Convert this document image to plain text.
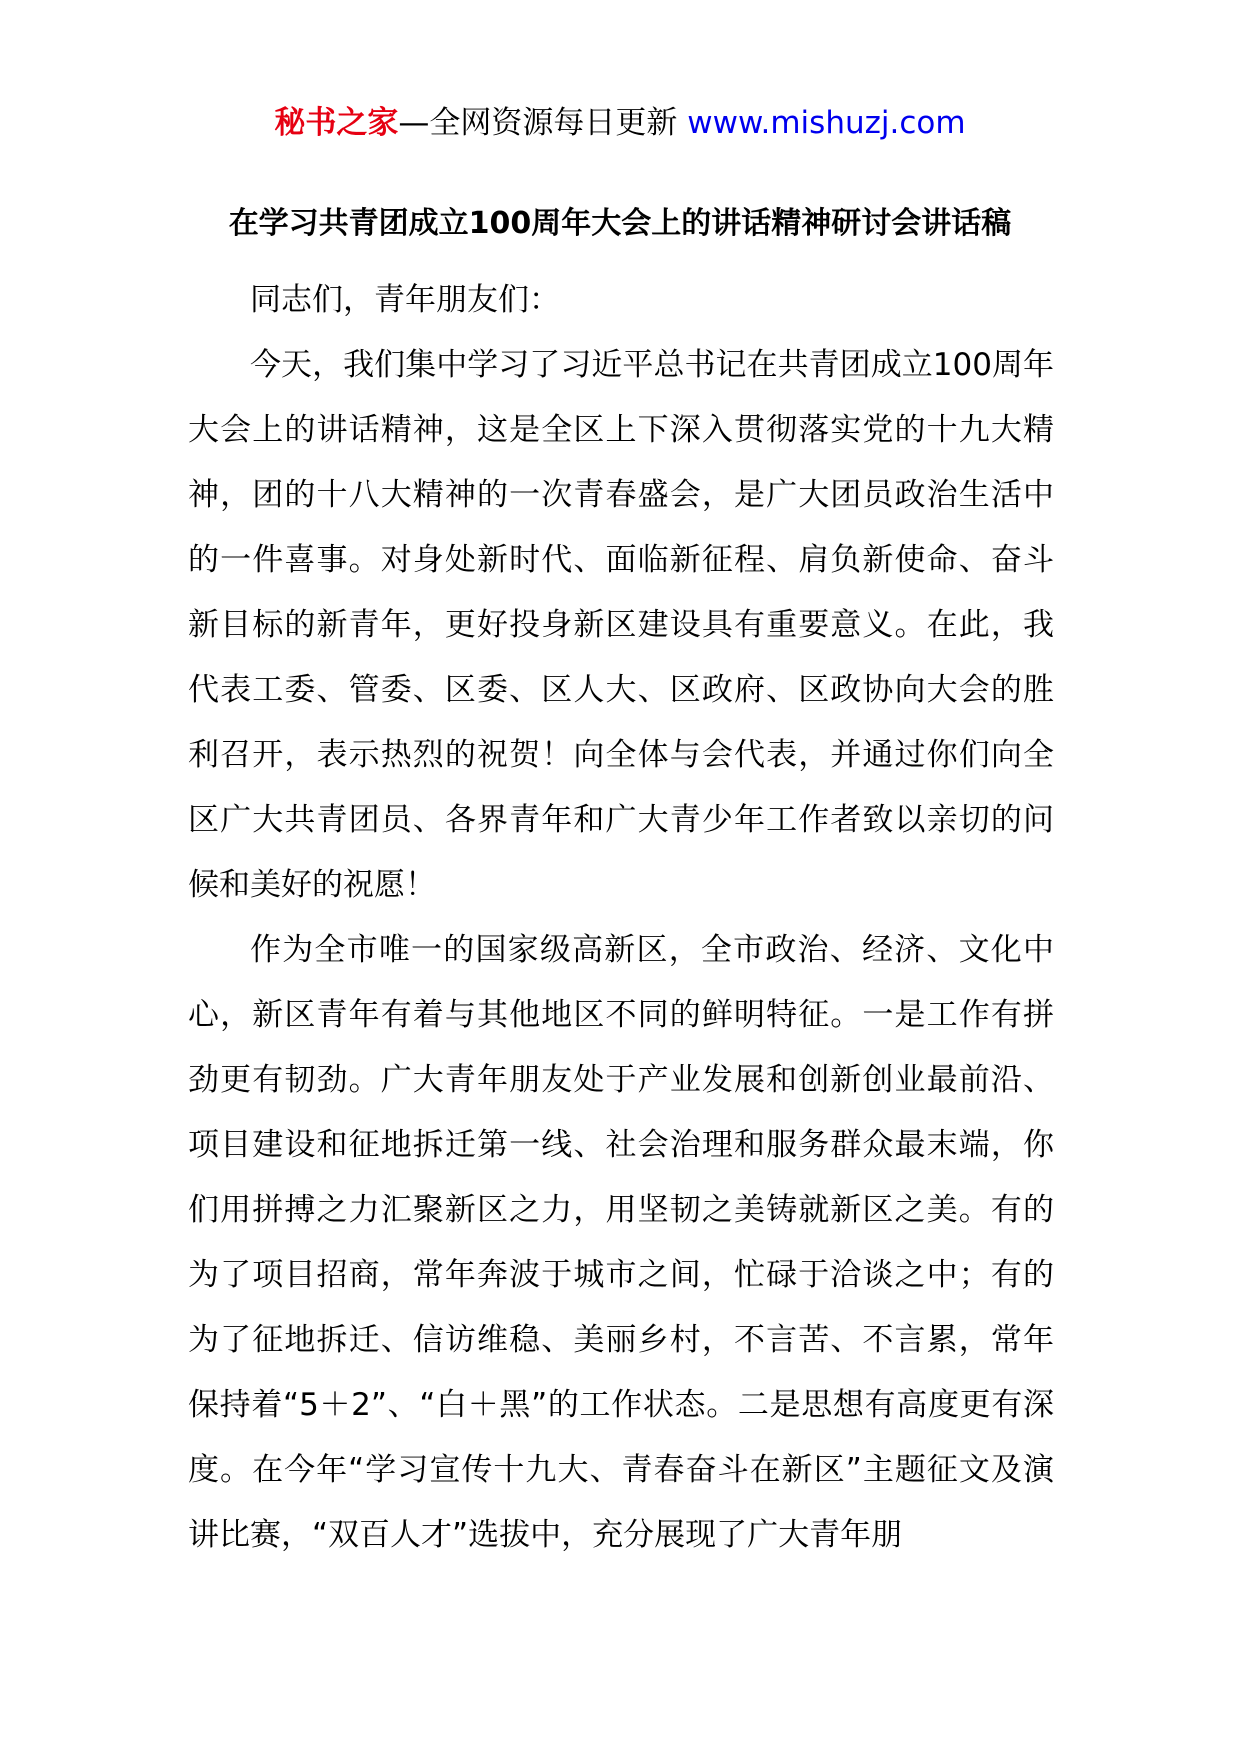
秘书之家—全网资源每日更新 www.mishuzj.com
在学习共青团成立100周年大会上的讲话精神研讨会讲话稿

同志们，青年朋友们：

今天，我们集中学习了习近平总书记在共青团成立100周年大会上的讲话精神，这是全区上下深入贯彻落实党的十九大精神，团的十八大精神的一次青春盛会，是广大团员政治生活中的一件喜事。对身处新时代、面临新征程、肩负新使命、奋斗新目标的新青年，更好投身新区建设具有重要意义。在此，我代表工委、管委、区委、区人大、区政府、区政协向大会的胜利召开，表示热烈的祝贺！向全体与会代表，并通过你们向全区广大共青团员、各界青年和广大青少年工作者致以亲切的问候和美好的祝愿！

作为全市唯一的国家级高新区，全市政治、经济、文化中心，新区青年有着与其他地区不同的鲜明特征。一是工作有拼劲更有韧劲。广大青年朋友处于产业发展和创新创业最前沿、项目建设和征地拆迁第一线、社会治理和服务群众最末端，你们用拼搏之力汇聚新区之力，用坚韧之美铸就新区之美。有的为了项目招商，常年奔波于城市之间，忙碌于洽谈之中；有的为了征地拆迁、信访维稳、美丽乡村，不言苦、不言累，常年保持着“5＋2”、“白＋黑”的工作状态。二是思想有高度更有深度。在今年“学习宣传十九大、青春奋斗在新区”主题征文及演讲比赛，“双百人才”选拔中，充分展现了广大青年朋
